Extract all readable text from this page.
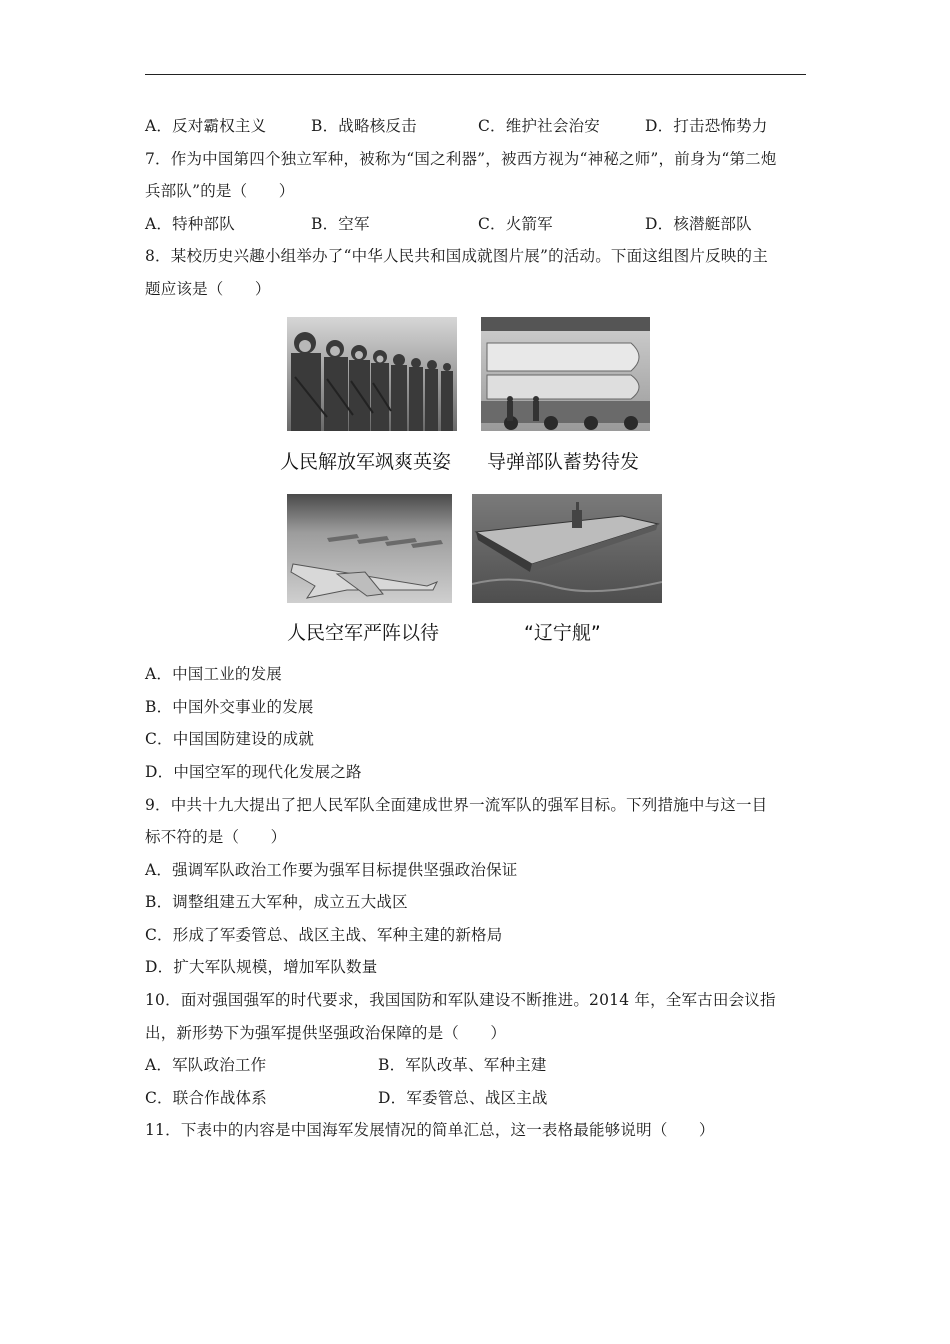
A．反对霸权主义	B．战略核反击	C．维护社会治安	D．打击恐怖势力
7．作为中国第四个独立军种，被称为“国之利器”，被西方视为“神秘之师”，前身为“第二炮
兵部队”的是（　　）
A．特种部队	B．空军	C．火箭军	D．核潜艇部队
8．某校历史兴趣小组举办了“中华人民共和国成就图片展”的活动。下面这组图片反映的主
题应该是（　　）
人民解放军飒爽英姿 导弹部队蓄势待发
人民空军严阵以待	“辽宁舰”
A．中国工业的发展
B．中国外交事业的发展
C．中国国防建设的成就
D．中国空军的现代化发展之路
9．中共十九大提出了把人民军队全面建成世界一流军队的强军目标。下列措施中与这一目
标不符的是（　　）
A．强调军队政治工作要为强军目标提供坚强政治保证
B．调整组建五大军种，成立五大战区
C．形成了军委管总、战区主战、军种主建的新格局
D．扩大军队规模，增加军队数量
10．面对强国强军的时代要求，我国国防和军队建设不断推进。2014 年，全军古田会议指
出，新形势下为强军提供坚强政治保障的是（　　）
A．军队政治工作	B．军队改革、军种主建
C．联合作战体系	D．军委管总、战区主战
11．下表中的内容是中国海军发展情况的简单汇总，这一表格最能够说明（　　）
